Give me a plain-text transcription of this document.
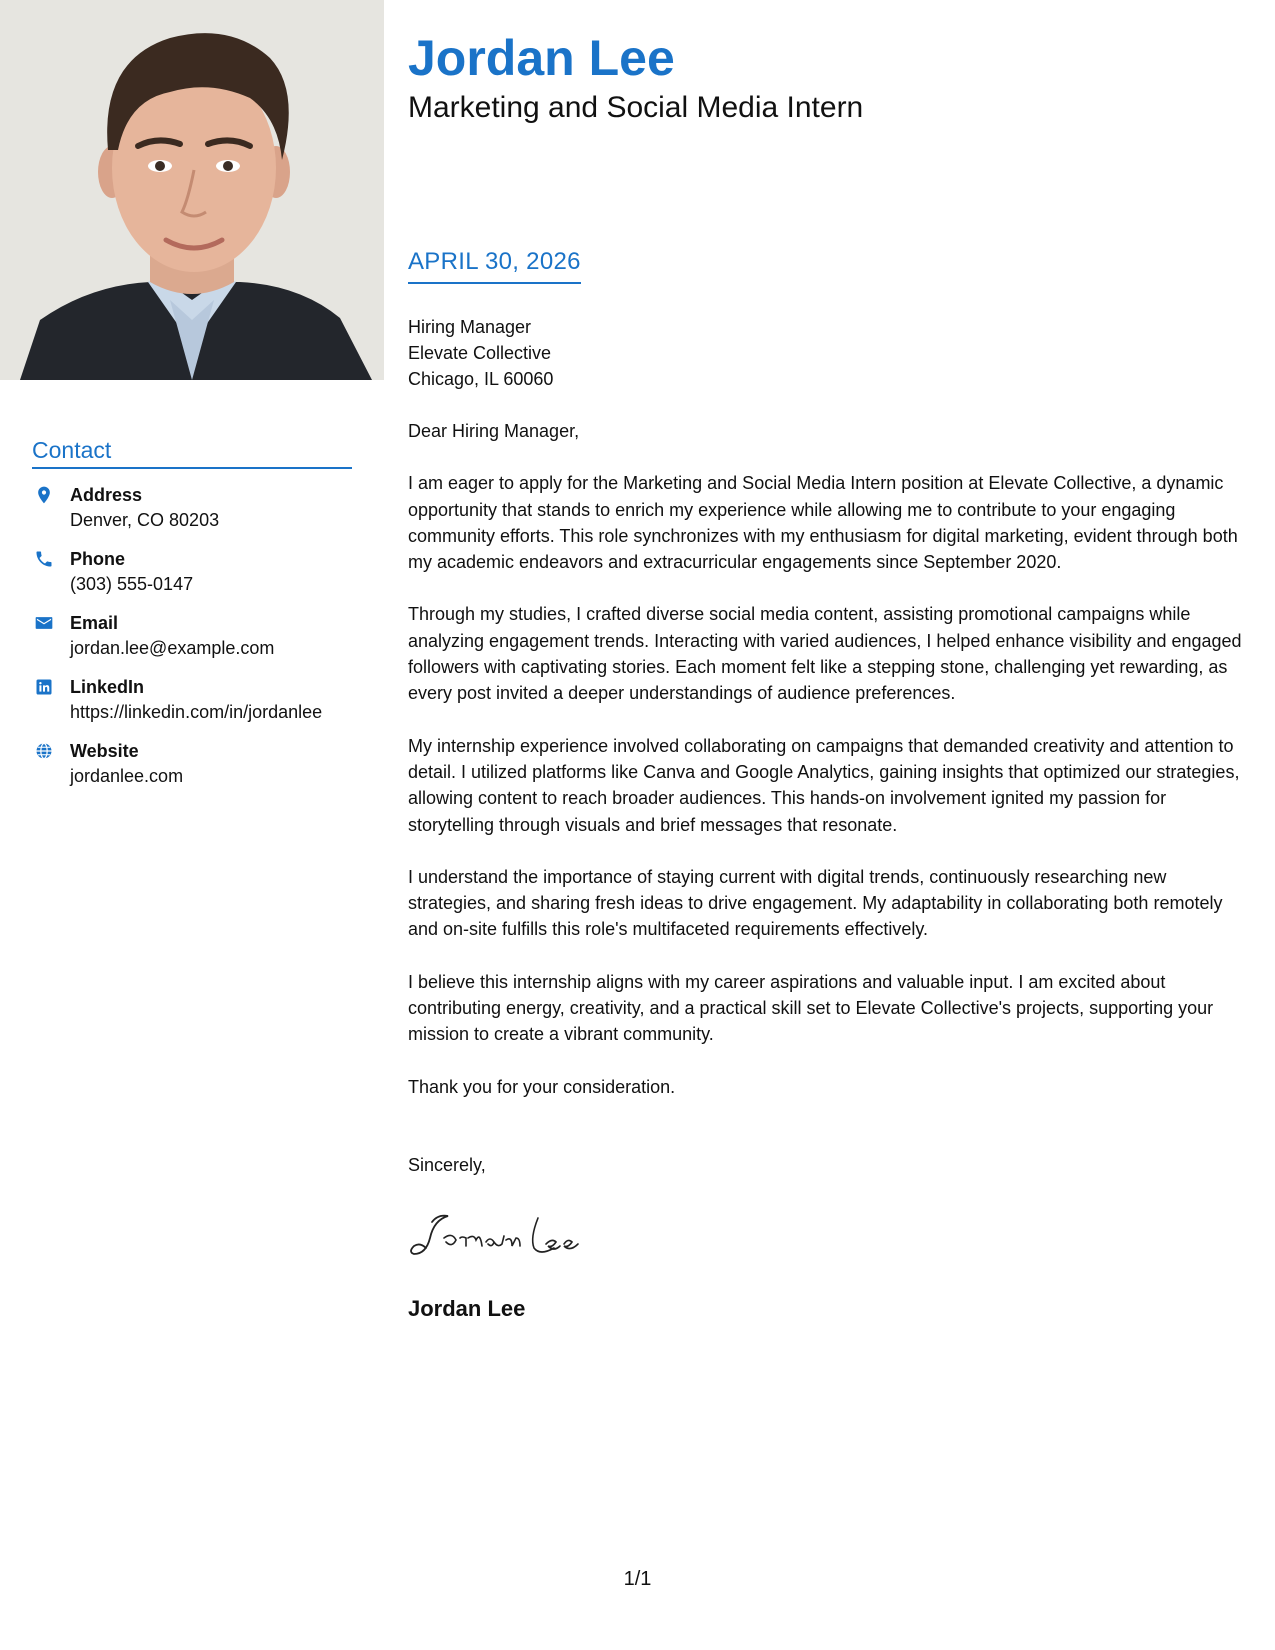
Contact
Address
Denver, CO 80203
Phone
(303) 555-0147
Email
jordan.lee@example.com
LinkedIn
https://linkedin.com/in/jordanlee
Website
jordanlee.com
Jordan Lee
Marketing and Social Media Intern
APRIL 30, 2026
Hiring Manager
Elevate Collective
Chicago, IL 60060

Dear Hiring Manager,

I am eager to apply for the Marketing and Social Media Intern position at Elevate Collective, a dynamic opportunity that stands to enrich my experience while allowing me to contribute to your engaging community efforts. This role synchronizes with my enthusiasm for digital marketing, evident through both my academic endeavors and extracurricular engagements since September 2020.

Through my studies, I crafted diverse social media content, assisting promotional campaigns while analyzing engagement trends. Interacting with varied audiences, I helped enhance visibility and engaged followers with captivating stories. Each moment felt like a stepping stone, challenging yet rewarding, as every post invited a deeper understandings of audience preferences.

My internship experience involved collaborating on campaigns that demanded creativity and attention to detail. I utilized platforms like Canva and Google Analytics, gaining insights that optimized our strategies, allowing content to reach broader audiences. This hands-on involvement ignited my passion for storytelling through visuals and brief messages that resonate.

I understand the importance of staying current with digital trends, continuously researching new strategies, and sharing fresh ideas to drive engagement. My adaptability in collaborating both remotely and on-site fulfills this role's multifaceted requirements effectively.

I believe this internship aligns with my career aspirations and valuable input. I am excited about contributing energy, creativity, and a practical skill set to Elevate Collective's projects, supporting your mission to create a vibrant community.

Thank you for your consideration.

Sincerely,

Jordan Lee
1/1
